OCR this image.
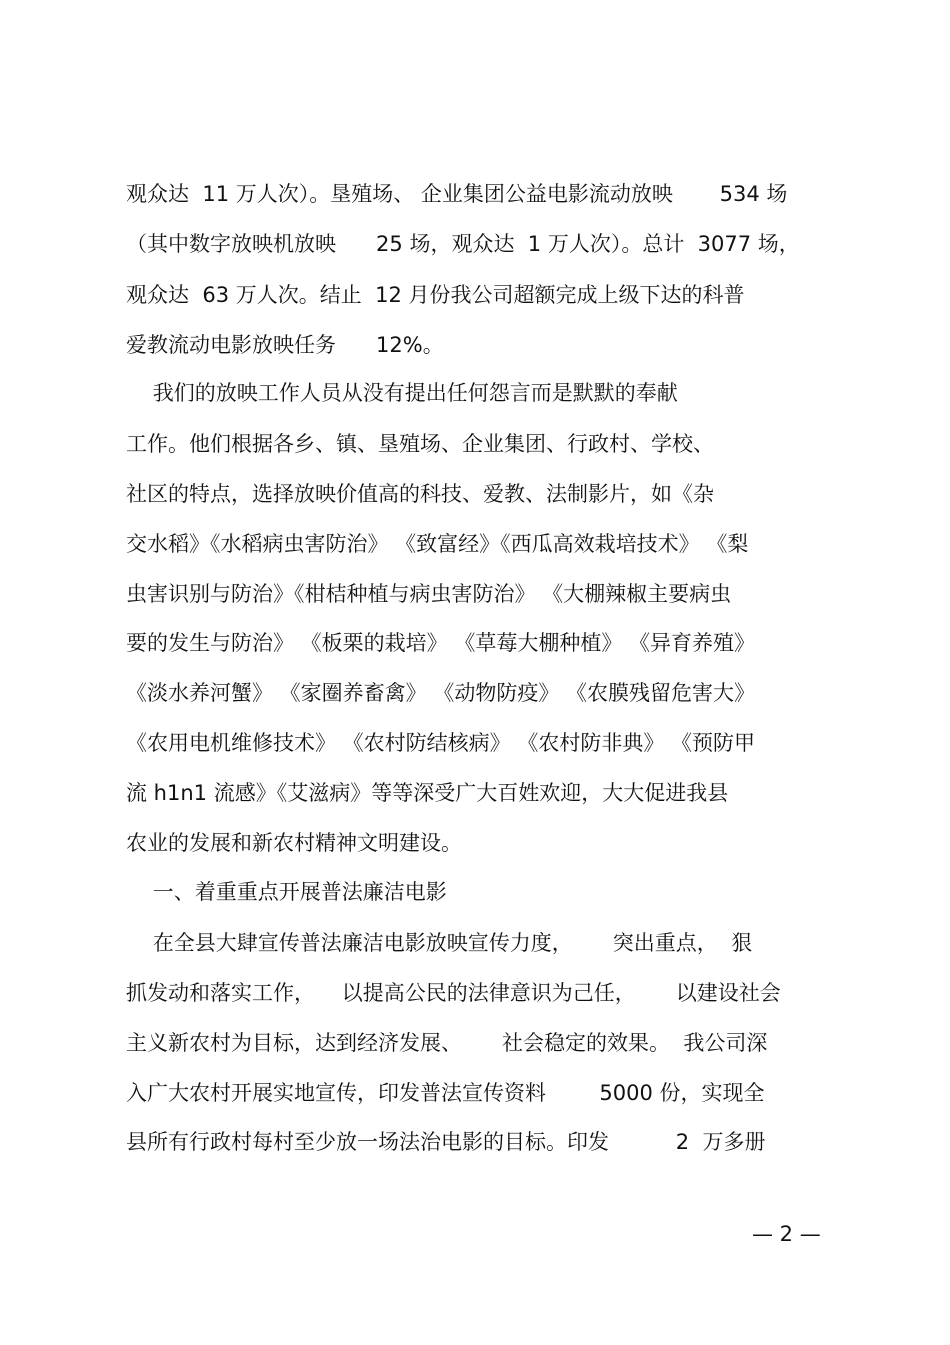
观众达  11 万人次）。垦殖场、 企业集团公益电影流动放映       534 场
（其中数字放映机放映      25 场，观众达  1 万人次）。总计  3077 场，
观众达  63 万人次。结止  12 月份我公司超额完成上级下达的科普
爱教流动电影放映任务      12%。
我们的放映工作人员从没有提出任何怨言而是默默的奉献
工作。他们根据各乡、镇、垦殖场、企业集团、行政村、学校、
社区的特点，选择放映价值高的科技、爱教、法制影片，如《杂
交水稻》《水稻病虫害防治》 《致富经》《西瓜高效栽培技术》 《梨
虫害识别与防治》《柑桔种植与病虫害防治》 《大棚辣椒主要病虫
要的发生与防治》 《板栗的栽培》 《草莓大棚种植》 《异育养殖》
《淡水养河蟹》 《家圈养畜禽》 《动物防疫》 《农膜残留危害大》
《农用电机维修技术》 《农村防结核病》 《农村防非典》 《预防甲
流 h1n1 流感》《艾滋病》等等深受广大百姓欢迎，大大促进我县
农业的发展和新农村精神文明建设。
一、着重重点开展普法廉洁电影
在全县大肆宣传普法廉洁电影放映宣传力度，      突出重点，  狠
抓发动和落实工作，    以提高公民的法律意识为己任，      以建设社会
主义新农村为目标，达到经济发展、      社会稳定的效果。  我公司深
入广大农村开展实地宣传，印发普法宣传资料        5000 份，实现全
县所有行政村每村至少放一场法治电影的目标。印发          2  万多册
— 2 —
